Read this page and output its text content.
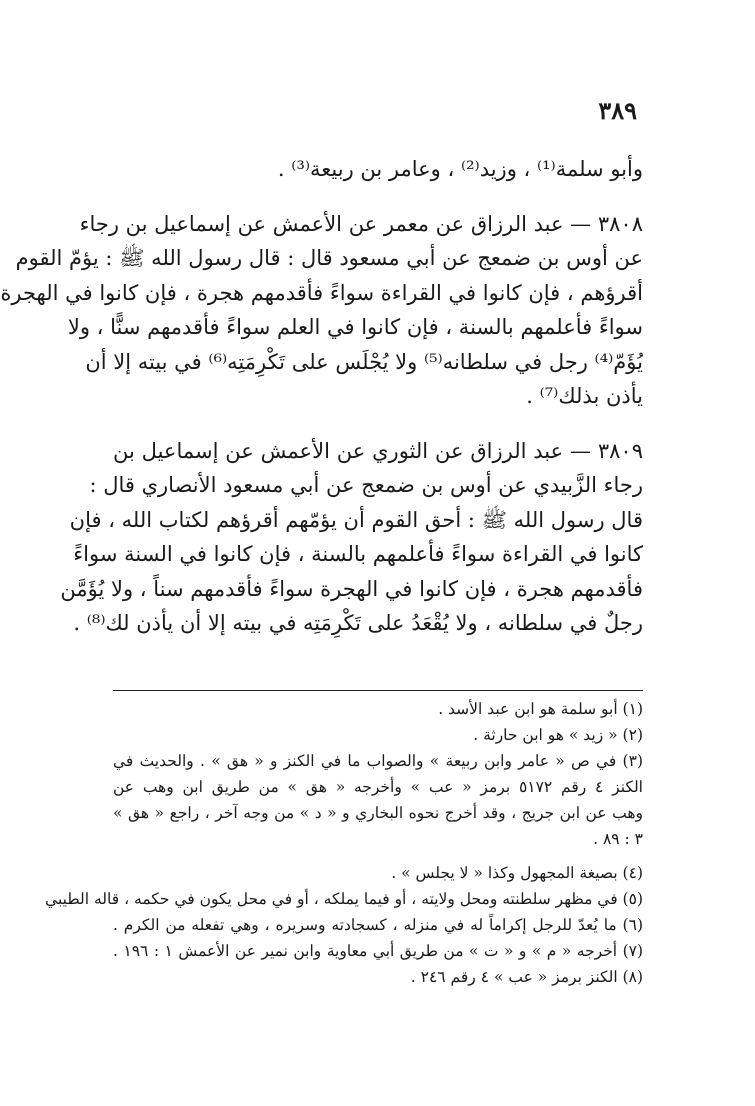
٣٨٩
وأبو سلمة⁽¹⁾ ، وزيد⁽²⁾ ، وعامر بن ربيعة⁽³⁾ .
٣٨٠٨ — عبد الرزاق عن معمر عن الأعمش عن إسماعيل بن رجاء
عن أوس بن ضمعج عن أبي مسعود قال : قال رسول الله ﷺ : يؤمّ القوم
أقرؤهم ، فإن كانوا في القراءة سواءً فأقدمهم هجرة ، فإن كانوا في الهجرة
سواءً فأعلمهم بالسنة ، فإن كانوا في العلم سواءً فأقدمهم سنًّا ، ولا
يُؤَمّ⁽⁴⁾ رجل في سلطانه⁽⁵⁾ ولا يُجْلَس على تَكْرِمَتِه⁽⁶⁾ في بيته إلا أن
يأذن بذلك⁽⁷⁾ .
٣٨٠٩ — عبد الرزاق عن الثوري عن الأعمش عن إسماعيل بن
رجاء الزَّبيدي عن أوس بن ضمعج عن أبي مسعود الأنصاري قال :
قال رسول الله ﷺ : أحق القوم أن يؤمّهم أقرؤهم لكتاب الله ، فإن
كانوا في القراءة سواءً فأعلمهم بالسنة ، فإن كانوا في السنة سواءً
فأقدمهم هجرة ، فإن كانوا في الهجرة سواءً فأقدمهم سناً ، ولا يُؤَمَّن
رجلٌ في سلطانه ، ولا يُقْعَدُ على تَكْرِمَتِه في بيته إلا أن يأذن لك⁽⁸⁾ .
(١) أبو سلمة هو ابن عبد الأسد .
(٢) « زيد » هو ابن حارثة .
(٣) في ص « عامر وابن ربيعة » والصواب ما في الكنز و « هق » . والحديث في
الكنز ٤ رقم ٥١٧٢ برمز « عب » وأخرجه « هق » من طريق ابن وهب عن
وهب عن ابن جريج ، وقد أخرج نحوه البخاري و « د » من وجه آخر ، راجع « هق »
٣ : ٨٩ .
(٤) بصيغة المجهول وكذا « لا يجلس » .
(٥) في مظهر سلطنته ومحل ولايته ، أو فيما يملكه ، أو في محل يكون في حكمه ، قاله الطيبي
(٦) ما يُعدّ للرجل إكراماً له في منزله ، كسجادته وسريره ، وهي تفعله من الكرم .
(٧) أخرجه « م » و « ت » من طريق أبي معاوية وابن نمير عن الأعمش ١ : ١٩٦ .
(٨) الكنز برمز « عب » ٤ رقم ٢٤٦ .
